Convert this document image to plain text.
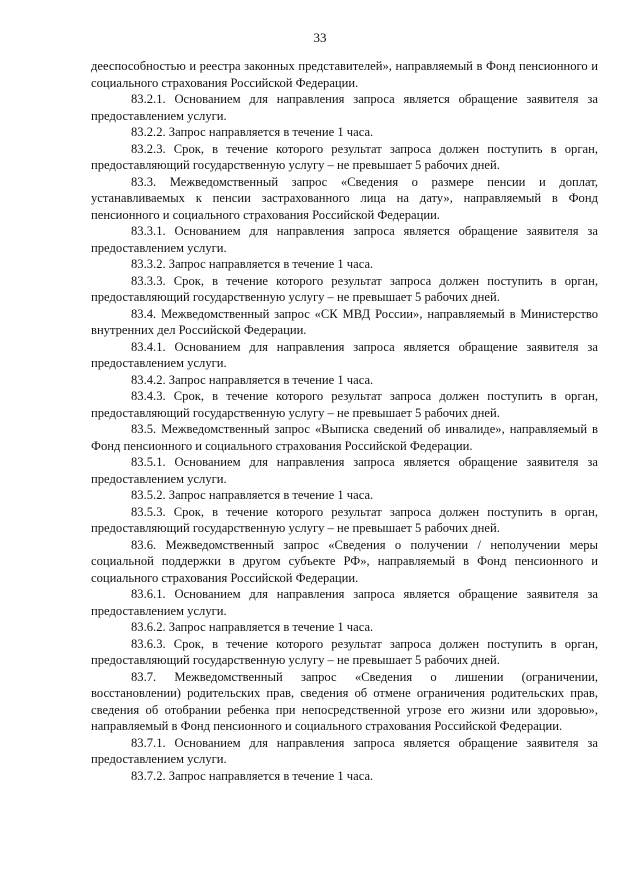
33

дееспособностью и реестра законных представителей», направляемый в Фонд пенсионного и социального страхования Российской Федерации.

83.2.1. Основанием для направления запроса является обращение заявителя за предоставлением услуги.

83.2.2. Запрос направляется в течение 1 часа.

83.2.3. Срок, в течение которого результат запроса должен поступить в орган, предоставляющий государственную услугу – не превышает 5 рабочих дней.

83.3. Межведомственный запрос «Сведения о размере пенсии и доплат, устанавливаемых к пенсии застрахованного лица на дату», направляемый в Фонд пенсионного и социального страхования Российской Федерации.

83.3.1. Основанием для направления запроса является обращение заявителя за предоставлением услуги.

83.3.2. Запрос направляется в течение 1 часа.

83.3.3. Срок, в течение которого результат запроса должен поступить в орган, предоставляющий государственную услугу – не превышает 5 рабочих дней.

83.4. Межведомственный запрос «СК МВД России», направляемый в Министерство внутренних дел Российской Федерации.

83.4.1. Основанием для направления запроса является обращение заявителя за предоставлением услуги.

83.4.2. Запрос направляется в течение 1 часа.

83.4.3. Срок, в течение которого результат запроса должен поступить в орган, предоставляющий государственную услугу – не превышает 5 рабочих дней.

83.5. Межведомственный запрос «Выписка сведений об инвалиде», направляемый в Фонд пенсионного и социального страхования Российской Федерации.

83.5.1. Основанием для направления запроса является обращение заявителя за предоставлением услуги.

83.5.2. Запрос направляется в течение 1 часа.

83.5.3. Срок, в течение которого результат запроса должен поступить в орган, предоставляющий государственную услугу – не превышает 5 рабочих дней.

83.6. Межведомственный запрос «Сведения о получении / неполучении меры социальной поддержки в другом субъекте РФ», направляемый в Фонд пенсионного и социального страхования Российской Федерации.

83.6.1. Основанием для направления запроса является обращение заявителя за предоставлением услуги.

83.6.2. Запрос направляется в течение 1 часа.

83.6.3. Срок, в течение которого результат запроса должен поступить в орган, предоставляющий государственную услугу – не превышает 5 рабочих дней.

83.7. Межведомственный запрос «Сведения о лишении (ограничении, восстановлении) родительских прав, сведения об отмене ограничения родительских прав, сведения об отобрании ребенка при непосредственной угрозе его жизни или здоровью», направляемый в Фонд пенсионного и социального страхования Российской Федерации.

83.7.1. Основанием для направления запроса является обращение заявителя за предоставлением услуги.

83.7.2. Запрос направляется в течение 1 часа.
